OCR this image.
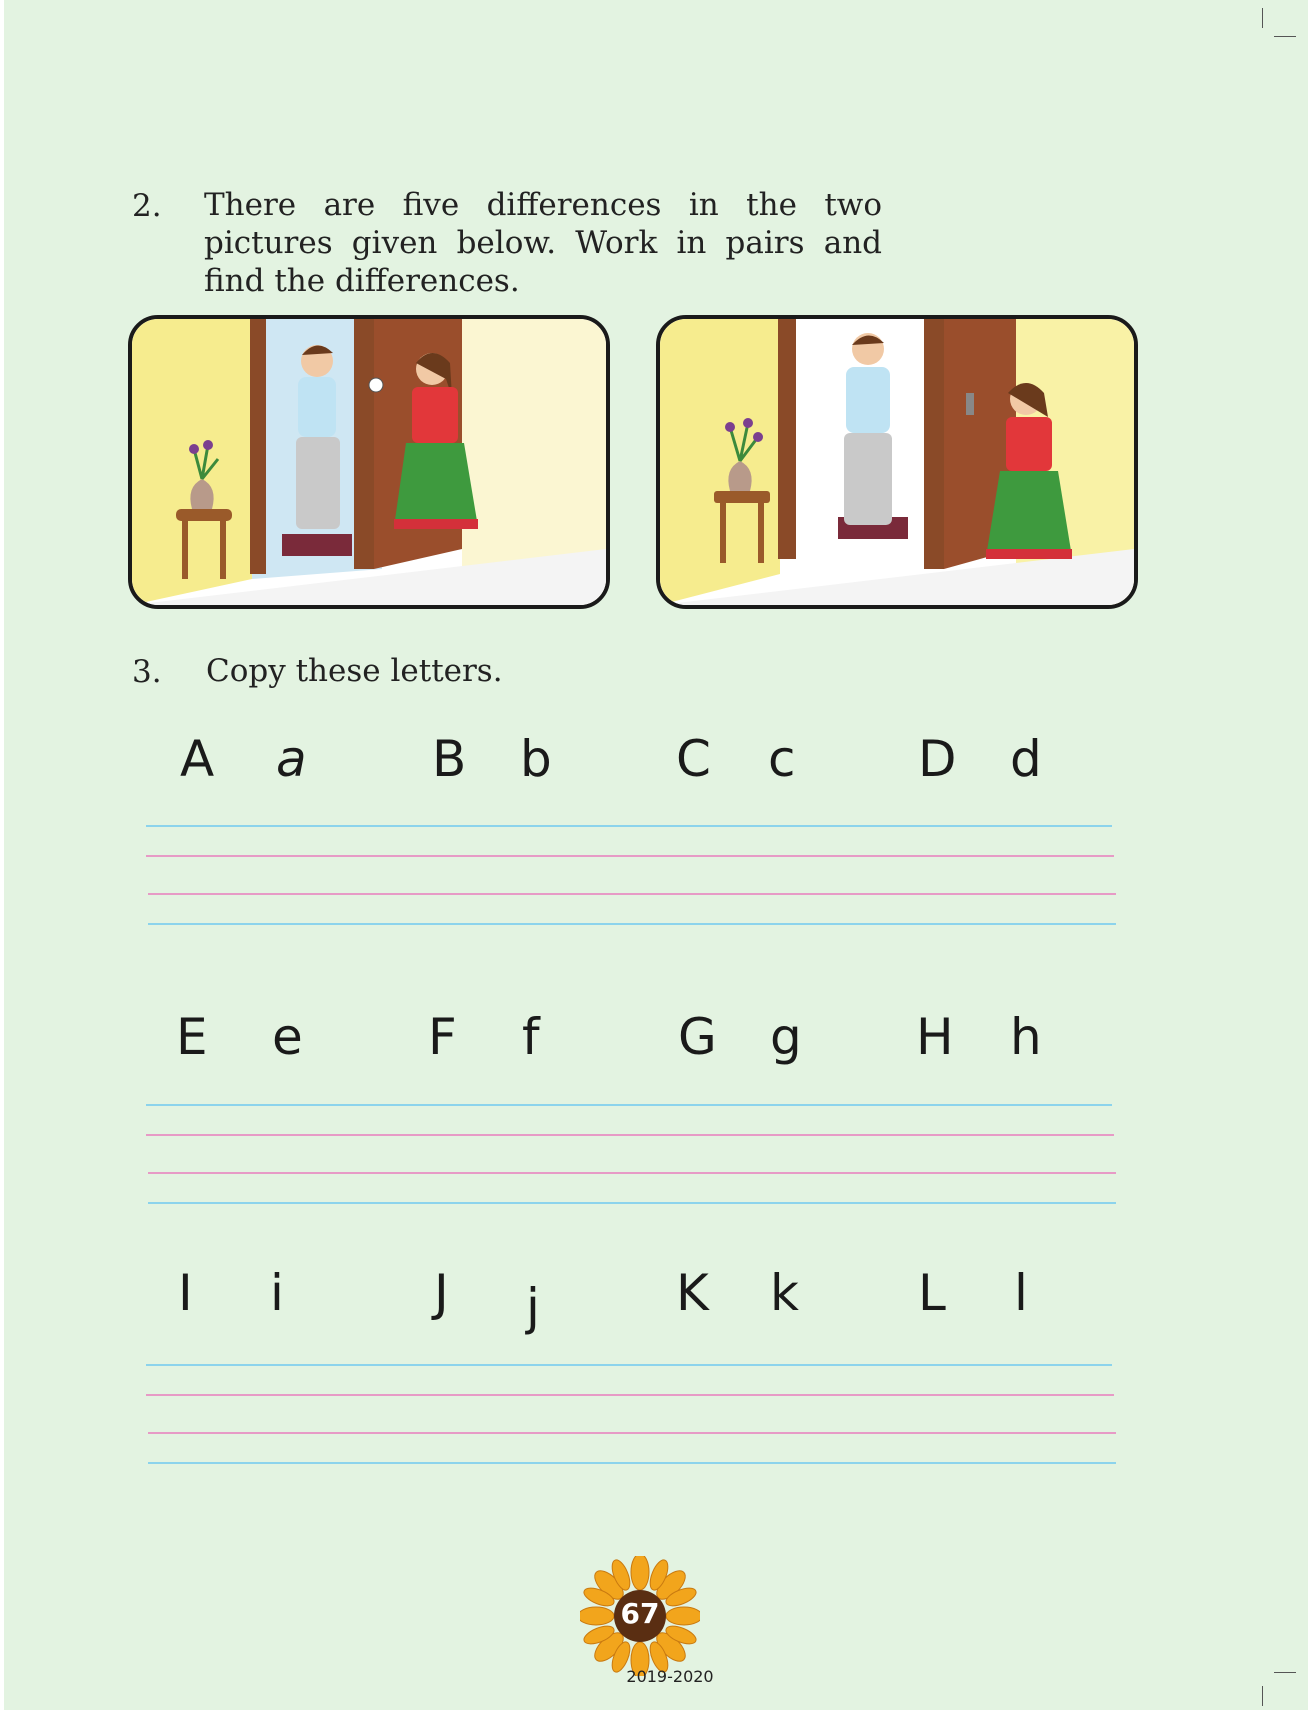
2. There are five differences in the two pictures given below. Work in pairs and find the differences.
3. Copy these letters.
A a	B b C c D d
E e	F f	G g H h
I i	J j	K k L l
67
2019-2020
